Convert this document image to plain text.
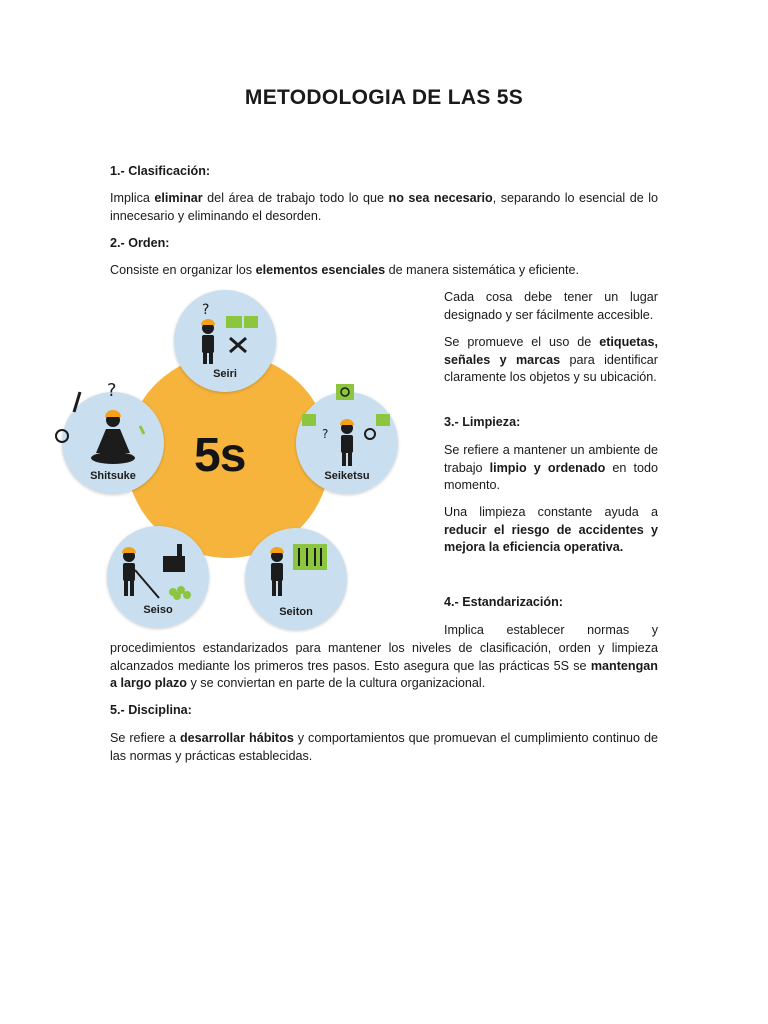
METODOLOGIA DE LAS 5S

1.- Clasificación:

Implica eliminar del área de trabajo todo lo que no sea necesario, separando lo esencial de lo innecesario y eliminando el desorden.

2.- Orden:

Consiste en organizar los elementos esenciales de manera sistemática y eficiente.

Cada cosa debe tener un lugar designado y ser fácilmente accesible.

Se promueve el uso de etiquetas, señales y marcas para identificar claramente los objetos y su ubicación.

3.- Limpieza:

Se refiere a mantener un ambiente de trabajo limpio y ordenado en todo momento.

Una limpieza constante ayuda a reducir el riesgo de accidentes y mejora la eficiencia operativa.

4.- Estandarización:

Implica establecer normas y

procedimientos estandarizados para mantener los niveles de clasificación, orden y limpieza alcanzados mediante los primeros tres pasos. Esto asegura que las prácticas 5S se mantengan a largo plazo y se conviertan en parte de la cultura organizacional.

5.- Disciplina:

Se refiere a desarrollar hábitos y comportamientos que promuevan el cumplimiento continuo de las normas y prácticas establecidas.

5s
?
Seiri
?
Seiketsu
Seiton
Seiso
Shitsuke
?
